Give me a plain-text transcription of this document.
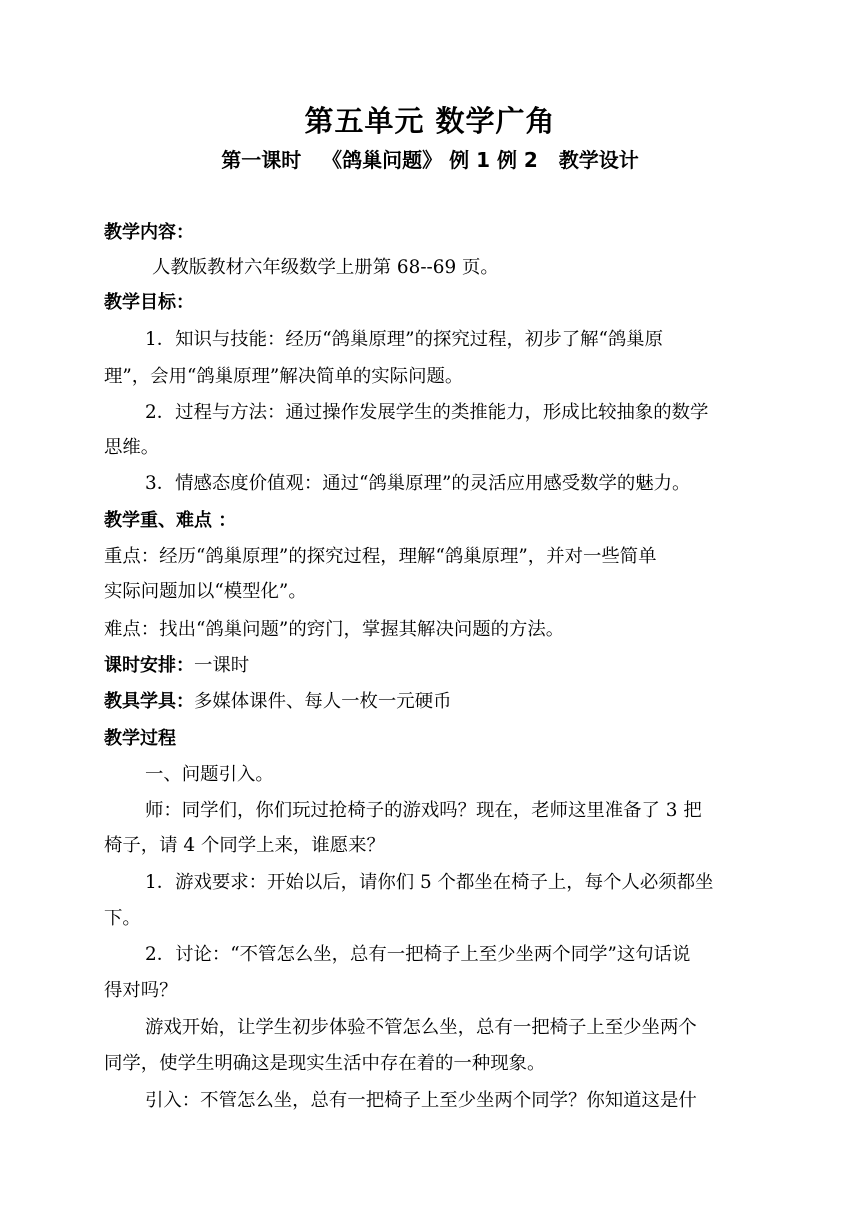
第五单元 数学广角
第一课时   《鸽巢问题》 例 1 例 2   教学设计
教学内容：
人教版教材六年级数学上册第 68--69 页。
教学目标：
1．知识与技能：经历“鸽巢原理”的探究过程，初步了解“鸽巢原
理”，会用“鸽巢原理”解决简单的实际问题。
2．过程与方法：通过操作发展学生的类推能力，形成比较抽象的数学
思维。
3．情感态度价值观：通过“鸽巢原理”的灵活应用感受数学的魅力。
教学重、难点 ：
重点：经历“鸽巢原理”的探究过程，理解“鸽巢原理”，并对一些简单
实际问题加以“模型化”。
难点：找出“鸽巢问题”的窍门，掌握其解决问题的方法。
课时安排：一课时
教具学具：多媒体课件、每人一枚一元硬币
教学过程
一、问题引入。
师：同学们，你们玩过抢椅子的游戏吗？现在，老师这里准备了 3 把
椅子，请 4 个同学上来，谁愿来？
1．游戏要求：开始以后，请你们 5 个都坐在椅子上，每个人必须都坐
下。
2．讨论：“不管怎么坐，总有一把椅子上至少坐两个同学”这句话说
得对吗？
游戏开始，让学生初步体验不管怎么坐，总有一把椅子上至少坐两个
同学，使学生明确这是现实生活中存在着的一种现象。
引入：不管怎么坐，总有一把椅子上至少坐两个同学？你知道这是什
